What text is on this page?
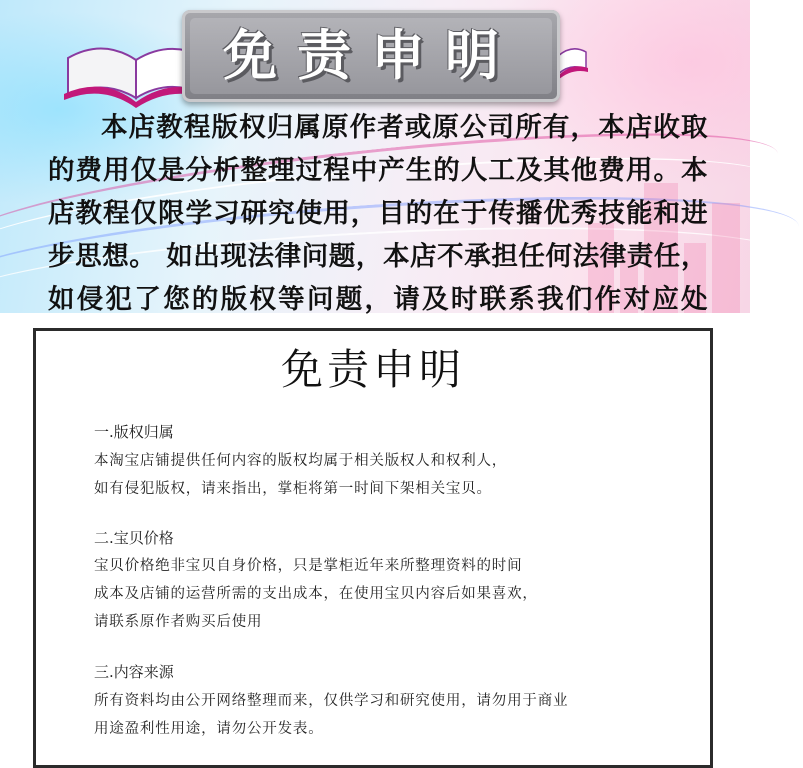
免责申明

本店教程版权归属原作者或原公司所有，本店收取的费用仅是分析整理过程中产生的人工及其他费用。本店教程仅限学习研究使用，目的在于传播优秀技能和进步思想。 如出现法律问题，本店不承担任何法律责任， 如侵犯了您的版权等问题，请及时联系我们作对应处

免责申明
一.版权归属
本淘宝店铺提供任何内容的版权均属于相关版权人和权利人，
如有侵犯版权，请来指出，掌柜将第一时间下架相关宝贝。
二.宝贝价格
宝贝价格绝非宝贝自身价格，只是掌柜近年来所整理资料的时间
成本及店铺的运营所需的支出成本，在使用宝贝内容后如果喜欢，
请联系原作者购买后使用
三.内容来源
所有资料均由公开网络整理而来，仅供学习和研究使用，请勿用于商业
用途盈利性用途，请勿公开发表。
